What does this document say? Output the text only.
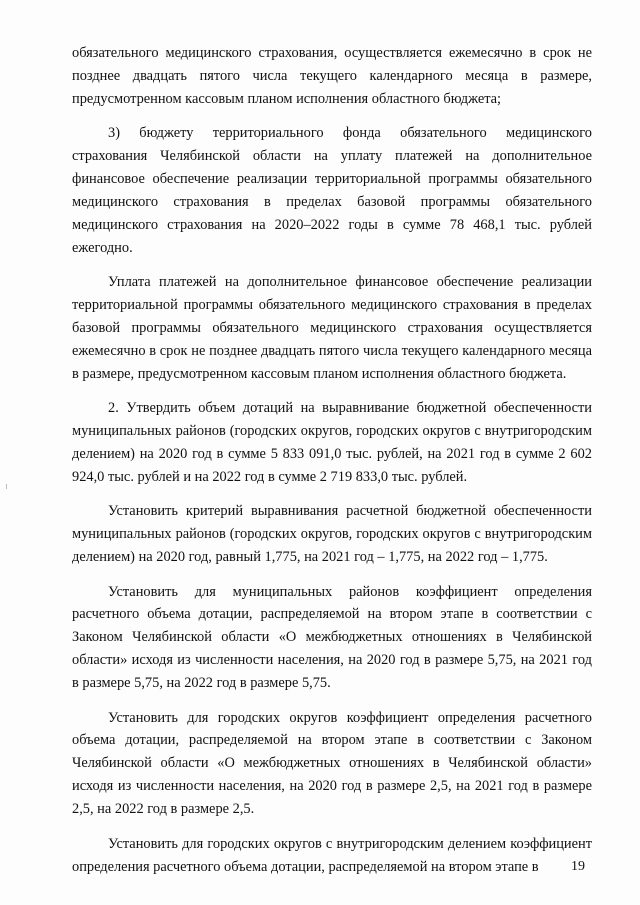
обязательного медицинского страхования, осуществляется ежемесячно в срок не позднее двадцать пятого числа текущего календарного месяца в размере, предусмотренном кассовым планом исполнения областного бюджета;

3) бюджету территориального фонда обязательного медицинского страхования Челябинской области на уплату платежей на дополнительное финансовое обеспечение реализации территориальной программы обязательного медицинского страхования в пределах базовой программы обязательного медицинского страхования на 2020–2022 годы в сумме 78 468,1 тыс. рублей ежегодно.

Уплата платежей на дополнительное финансовое обеспечение реализации территориальной программы обязательного медицинского страхования в пределах базовой программы обязательного медицинского страхования осуществляется ежемесячно в срок не позднее двадцать пятого числа текущего календарного месяца в размере, предусмотренном кассовым планом исполнения областного бюджета.

2. Утвердить объем дотаций на выравнивание бюджетной обеспеченности муниципальных районов (городских округов, городских округов с внутригородским делением) на 2020 год в сумме 5 833 091,0 тыс. рублей, на 2021 год в сумме 2 602 924,0 тыс. рублей и на 2022 год в сумме 2 719 833,0 тыс. рублей.

Установить критерий выравнивания расчетной бюджетной обеспеченности муниципальных районов (городских округов, городских округов с внутригородским делением) на 2020 год, равный 1,775, на 2021 год – 1,775, на 2022 год – 1,775.

Установить для муниципальных районов коэффициент определения расчетного объема дотации, распределяемой на втором этапе в соответствии с Законом Челябинской области «О межбюджетных отношениях в Челябинской области» исходя из численности населения, на 2020 год в размере 5,75, на 2021 год в размере 5,75, на 2022 год в размере 5,75.

Установить для городских округов коэффициент определения расчетного объема дотации, распределяемой на втором этапе в соответствии с Законом Челябинской области «О межбюджетных отношениях в Челябинской области» исходя из численности населения, на 2020 год в размере 2,5, на 2021 год в размере 2,5, на 2022 год в размере 2,5.

Установить для городских округов с внутригородским делением коэффициент определения расчетного объема дотации, распределяемой на втором этапе в	19
